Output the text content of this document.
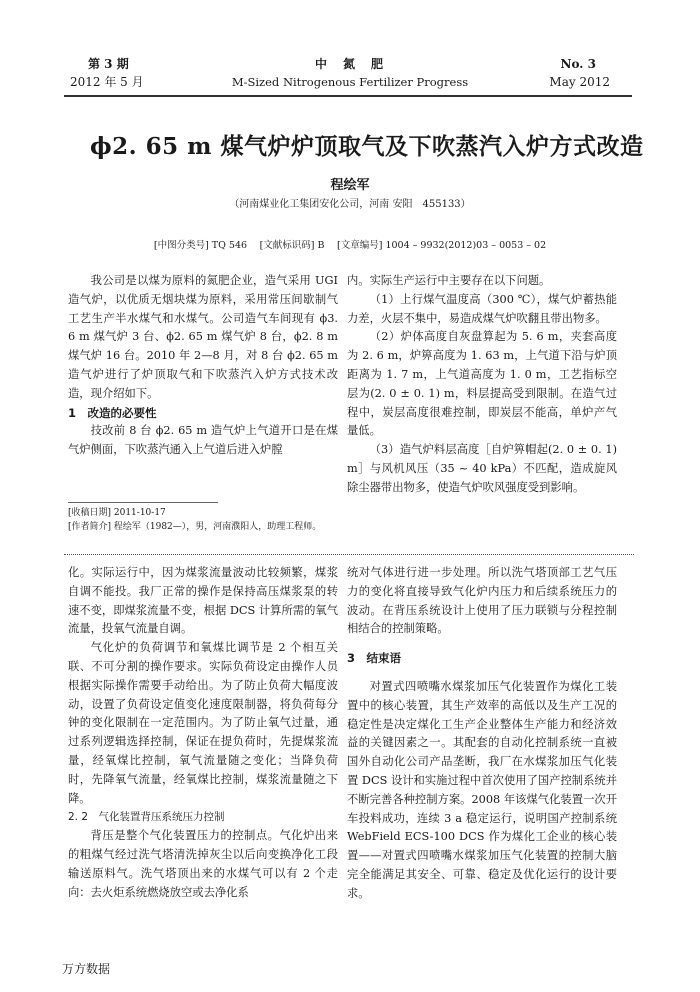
第 3 期
2012 年 5 月
中　氮　肥
M-Sized Nitrogenous Fertilizer Progress
No. 3
May 2012
ϕ2. 65 m 煤气炉炉顶取气及下吹蒸汽入炉方式改造
程绘军
（河南煤业化工集团安化公司，河南 安阳　455133）
[中图分类号] TQ 546　 [文献标识码] B　 [文章编号] 1004 – 9932(2012)03 – 0053 – 02

我公司是以煤为原料的氮肥企业，造气采用 UGI 造气炉，以优质无烟块煤为原料，采用常压间歇制气工艺生产半水煤气和水煤气。公司造气车间现有 ϕ3. 6 m 煤气炉 3 台、ϕ2. 65 m 煤气炉 8 台，ϕ2. 8 m 煤气炉 16 台。2010 年 2—8 月，对 8 台 ϕ2. 65 m 造气炉进行了炉顶取气和下吹蒸汽入炉方式技术改造，现介绍如下。

1　改造的必要性

技改前 8 台 ϕ2. 65 m 造气炉上气道开口是在煤气炉侧面，下吹蒸汽通入上气道后进入炉膛

[收稿日期] 2011-10-17

[作者简介] 程绘军（1982—），男，河南濮阳人，助理工程师。

内。实际生产运行中主要存在以下问题。

（1）上行煤气温度高（300 ℃），煤气炉蓄热能力差，火层不集中，易造成煤气炉吹翻且带出物多。

（2）炉体高度自灰盘算起为 5. 6 m，夹套高度为 2. 6 m，炉箅高度为 1. 63 m，上气道下沿与炉顶距离为 1. 7 m，上气道高度为 1. 0 m，工艺指标空层为(2. 0 ± 0. 1) m，料层提高受到限制。在造气过程中，炭层高度很难控制，即炭层不能高，单炉产气量低。

（3）造气炉料层高度［自炉箅帽起(2. 0 ± 0. 1) m］与风机风压（35 ~ 40 kPa）不匹配，造成旋风除尘器带出物多，使造气炉吹风强度受到影响。

化。实际运行中，因为煤浆流量波动比较频繁，煤浆自调不能投。我厂正常的操作是保持高压煤浆泵的转速不变，即煤浆流量不变，根据 DCS 计算所需的氧气流量，投氧气流量自调。

气化炉的负荷调节和氧煤比调节是 2 个相互关联、不可分割的操作要求。实际负荷设定由操作人员根据实际操作需要手动给出。为了防止负荷大幅度波动，设置了负荷设定值变化速度限制器，将负荷每分钟的变化限制在一定范围内。为了防止氧气过量，通过系列逻辑选择控制，保证在提负荷时，先提煤浆流量，经氧煤比控制，氧气流量随之变化；当降负荷时，先降氧气流量，经氧煤比控制，煤浆流量随之下降。

2. 2　气化装置背压系统压力控制

背压是整个气化装置压力的控制点。气化炉出来的粗煤气经过洗气塔清洗掉灰尘以后向变换净化工段输送原料气。洗气塔顶出来的水煤气可以有 2 个走向：去火炬系统燃烧放空或去净化系

统对气体进行进一步处理。所以洗气塔顶部工艺气压力的变化将直接导致气化炉内压力和后续系统压力的波动。在背压系统设计上使用了压力联锁与分程控制相结合的控制策略。

3　结束语

对置式四喷嘴水煤浆加压气化装置作为煤化工装置中的核心装置，其生产效率的高低以及生产工况的稳定性是决定煤化工生产企业整体生产能力和经济效益的关键因素之一。其配套的自动化控制系统一直被国外自动化公司产品垄断，我厂在水煤浆加压气化装置 DCS 设计和实施过程中首次使用了国产控制系统并不断完善各种控制方案。2008 年该煤气化装置一次开车投料成功，连续 3 a 稳定运行，说明国产控制系统 WebField ECS-100 DCS 作为煤化工企业的核心装置——对置式四喷嘴水煤浆加压气化装置的控制大脑完全能满足其安全、可靠、稳定及优化运行的设计要求。

万方数据
